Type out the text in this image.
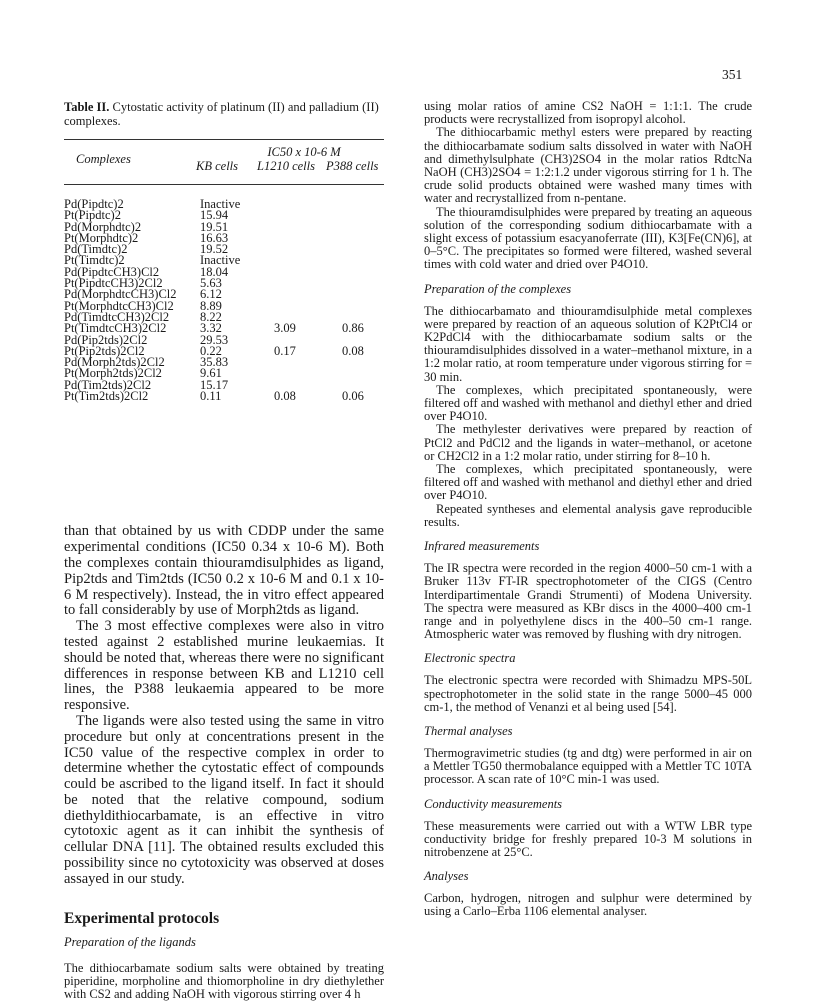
351

Table II. Cytostatic activity of platinum (II) and palladium (II) complexes.

Complexes	IC50 x 10-6 M
KB cells L1210 cells P388 cells
Pd(Pipdtc)2	Inactive
Pt(Pipdtc)2	15.94
Pd(Morphdtc)2	19.51
Pt(Morphdtc)2	16.63
Pd(Timdtc)2	19.52
Pt(Timdtc)2	Inactive
Pd(PipdtcCH3)Cl2	18.04
Pt(PipdtcCH3)2Cl2	5.63
Pd(MorphdtcCH3)Cl2 6.12
Pt(MorphdtcCH3)Cl2 8.89
Pd(TimdtcCH3)2Cl2 8.22
Pt(TimdtcCH3)2Cl2	3.32	3.09	0.86
Pd(Pip2tds)2Cl2	29.53
Pt(Pip2tds)2Cl2	0.22	0.17	0.08
Pd(Morph2tds)2Cl2	35.83
Pt(Morph2tds)2Cl2	9.61
Pd(Tim2tds)2Cl2	15.17
Pt(Tim2tds)2Cl2	0.11	0.08	0.06

than that obtained by us with CDDP under the same experimental conditions (IC50 0.34 x 10-6 M). Both the complexes contain thiouramdisulphides as ligand, Pip2tds and Tim2tds (IC50 0.2 x 10-6 M and 0.1 x 10-6 M respectively). Instead, the in vitro effect appeared to fall considerably by use of Morph2tds as ligand.

The 3 most effective complexes were also in vitro tested against 2 established murine leukaemias. It should be noted that, whereas there were no significant differences in response between KB and L1210 cell lines, the P388 leukaemia appeared to be more responsive.

The ligands were also tested using the same in vitro procedure but only at concentrations present in the IC50 value of the respective complex in order to determine whether the cytostatic effect of compounds could be ascribed to the ligand itself. In fact it should be noted that the relative compound, sodium diethyldithiocarbamate, is an effective in vitro cytotoxic agent as it can inhibit the synthesis of cellular DNA [11]. The obtained results excluded this possibility since no cytotoxicity was observed at doses assayed in our study.

Experimental protocols

Preparation of the ligands

The dithiocarbamate sodium salts were obtained by treating piperidine, morpholine and thiomorpholine in dry diethylether with CS2 and adding NaOH with vigorous stirring over 4 h

using molar ratios of amine CS2 NaOH = 1:1:1. The crude products were recrystallized from isopropyl alcohol.

The dithiocarbamic methyl esters were prepared by reacting the dithiocarbamate sodium salts dissolved in water with NaOH and dimethylsulphate (CH3)2SO4 in the molar ratios RdtcNa NaOH (CH3)2SO4 = 1:2:1.2 under vigorous stirring for 1 h. The crude solid products obtained were washed many times with water and recrystallized from n-pentane.

The thiouramdisulphides were prepared by treating an aqueous solution of the corresponding sodium dithiocarbamate with a slight excess of potassium esacyanoferrate (III), K3[Fe(CN)6], at 0–5°C. The precipitates so formed were filtered, washed several times with cold water and dried over P4O10.

Preparation of the complexes

The dithiocarbamato and thiouramdisulphide metal complexes were prepared by reaction of an aqueous solution of K2PtCl4 or K2PdCl4 with the dithiocarbamate sodium salts or the thiouramdisulphides dissolved in a water–methanol mixture, in a 1:2 molar ratio, at room temperature under vigorous stirring for = 30 min.

The complexes, which precipitated spontaneously, were filtered off and washed with methanol and diethyl ether and dried over P4O10.

The methylester derivatives were prepared by reaction of PtCl2 and PdCl2 and the ligands in water–methanol, or acetone or CH2Cl2 in a 1:2 molar ratio, under stirring for 8–10 h.

The complexes, which precipitated spontaneously, were filtered off and washed with methanol and diethyl ether and dried over P4O10.

Repeated syntheses and elemental analysis gave reproducible results.

Infrared measurements

The IR spectra were recorded in the region 4000–50 cm-1 with a Bruker 113v FT-IR spectrophotometer of the CIGS (Centro Interdipartimentale Grandi Strumenti) of Modena University. The spectra were measured as KBr discs in the 4000–400 cm-1 range and in polyethylene discs in the 400–50 cm-1 range. Atmospheric water was removed by flushing with dry nitrogen.

Electronic spectra

The electronic spectra were recorded with Shimadzu MPS-50L spectrophotometer in the solid state in the range 5000–45 000 cm-1, the method of Venanzi et al being used [54].

Thermal analyses

Thermogravimetric studies (tg and dtg) were performed in air on a Mettler TG50 thermobalance equipped with a Mettler TC 10TA processor. A scan rate of 10°C min-1 was used.

Conductivity measurements

These measurements were carried out with a WTW LBR type conductivity bridge for freshly prepared 10-3 M solutions in nitrobenzene at 25°C.

Analyses

Carbon, hydrogen, nitrogen and sulphur were determined by using a Carlo–Erba 1106 elemental analyser.
